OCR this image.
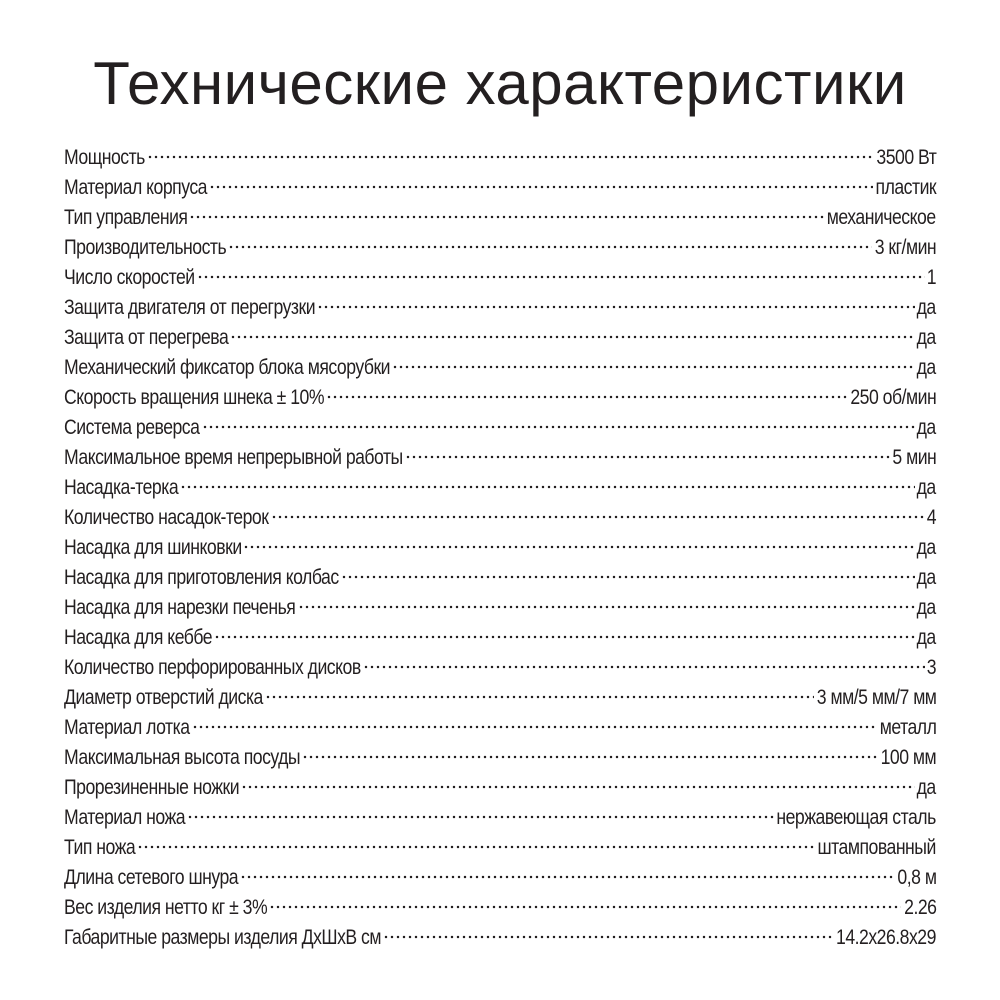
Технические характеристики
Мощность	3500 Вт
Материал корпуса	пластик
Тип управления	механическое
Производительность	3 кг/мин
Число скоростей	1
Защита двигателя от перегрузки	да
Защита от перегрева	да
Механический фиксатор блока мясорубки	да
Скорость вращения шнека ± 10%	250 об/мин
Система реверса	да
Максимальное время непрерывной работы	5 мин
Насадка-терка	да
Количество насадок-терок	4
Насадка для шинковки	да
Насадка для приготовления колбас	да
Насадка для нарезки печенья	да
Насадка для кеббе	да
Количество перфорированных дисков	3
Диаметр отверстий диска	3 мм/5 мм/7 мм
Материал лотка	металл
Максимальная высота посуды	100 мм
Прорезиненные ножки	да
Материал ножа	нержавеющая сталь
Тип ножа	штампованный
Длина сетевого шнура	0,8 м
Вес изделия нетто кг ± 3%	2.26
Габаритные размеры изделия ДхШхВ см	14.2х26.8х29
